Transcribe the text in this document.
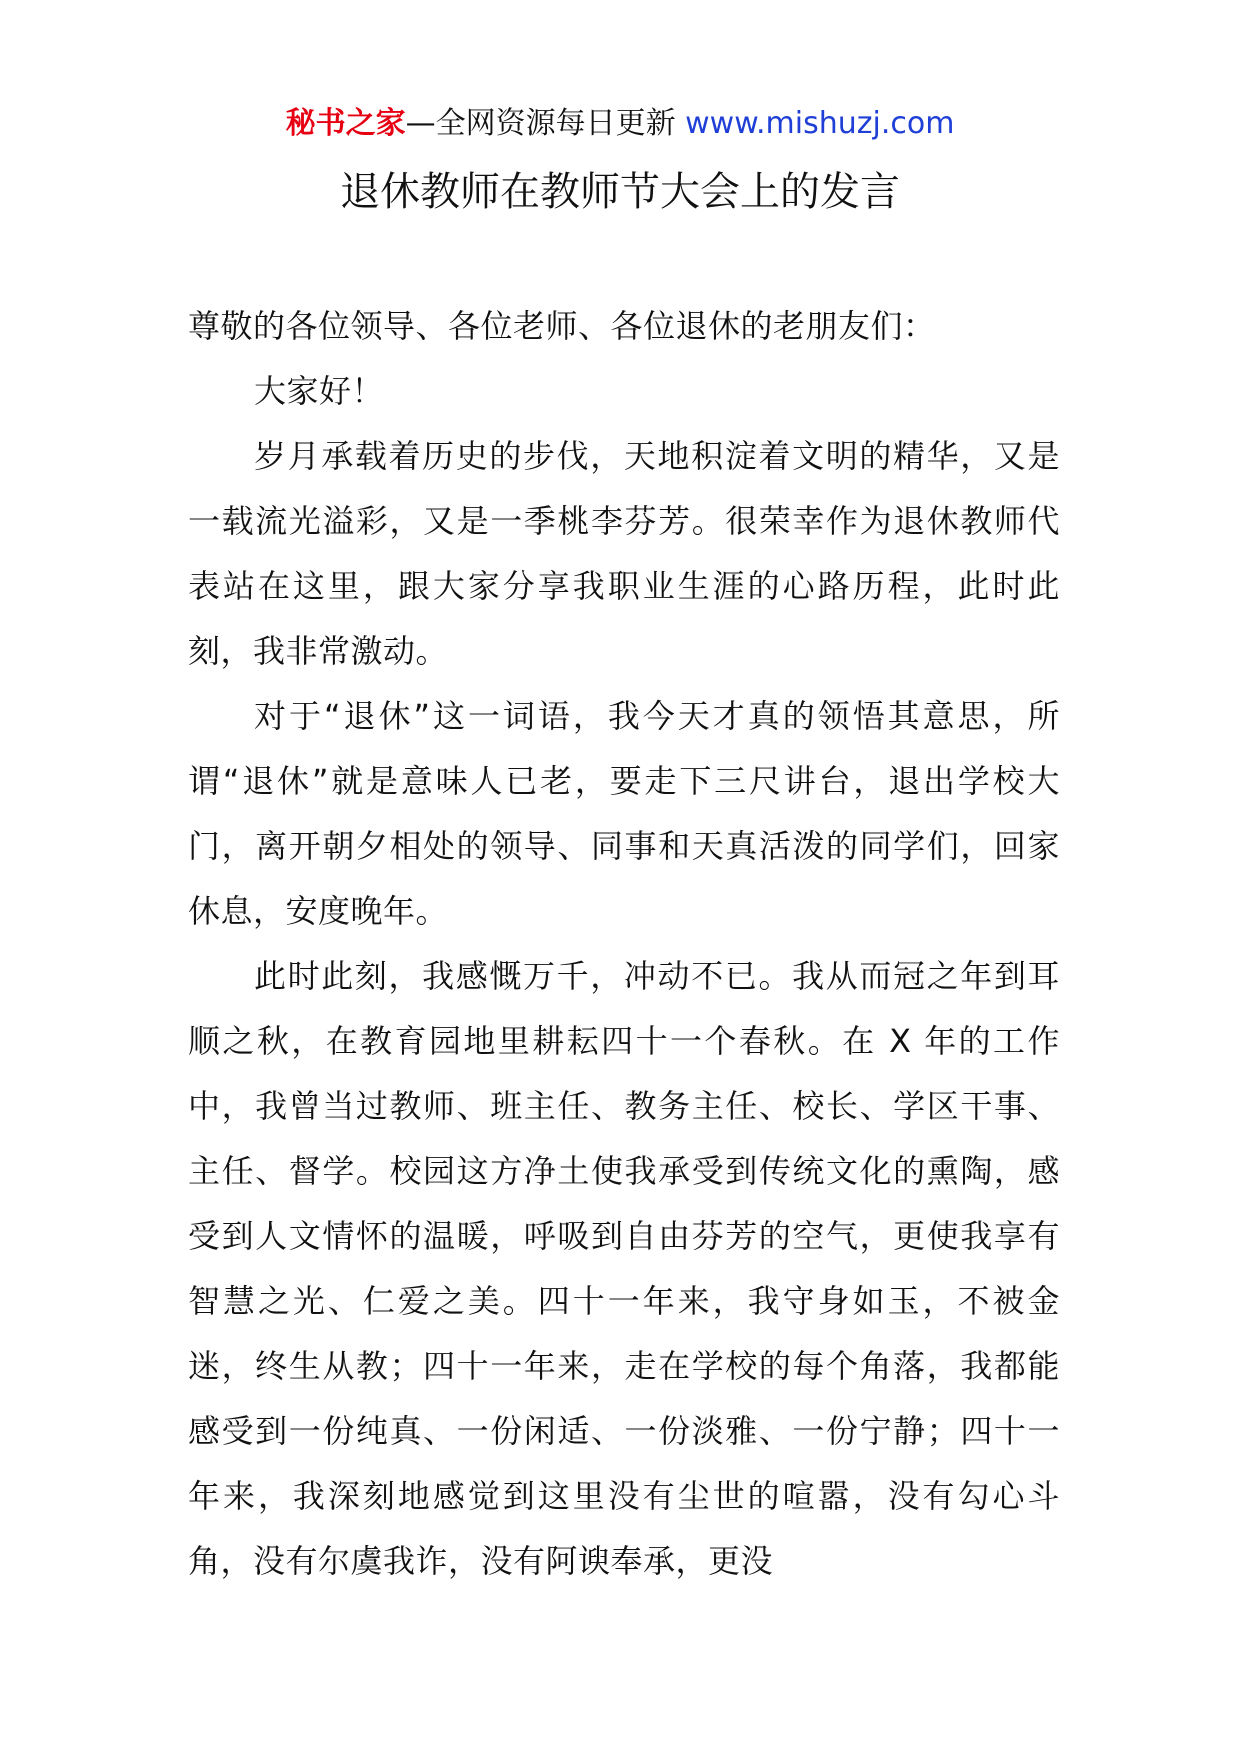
秘书之家—全网资源每日更新 www.mishuzj.com
退休教师在教师节大会上的发言

尊敬的各位领导、各位老师、各位退休的老朋友们：

大家好！

岁月承载着历史的步伐，天地积淀着文明的精华，又是一载流光溢彩，又是一季桃李芬芳。很荣幸作为退休教师代表站在这里，跟大家分享我职业生涯的心路历程，此时此刻，我非常激动。

对于“退休”这一词语，我今天才真的领悟其意思，所谓“退休”就是意味人已老，要走下三尺讲台，退出学校大门，离开朝夕相处的领导、同事和天真活泼的同学们，回家休息，安度晚年。

此时此刻，我感慨万千，冲动不已。我从而冠之年到耳顺之秋，在教育园地里耕耘四十一个春秋。在 X 年的工作中，我曾当过教师、班主任、教务主任、校长、学区干事、主任、督学。校园这方净土使我承受到传统文化的熏陶，感受到人文情怀的温暖，呼吸到自由芬芳的空气，更使我享有智慧之光、仁爱之美。四十一年来，我守身如玉，不被金迷，终生从教；四十一年来，走在学校的每个角落，我都能感受到一份纯真、一份闲适、一份淡雅、一份宁静；四十一年来，我深刻地感觉到这里没有尘世的喧嚣，没有勾心斗角，没有尔虞我诈，没有阿谀奉承，更没
